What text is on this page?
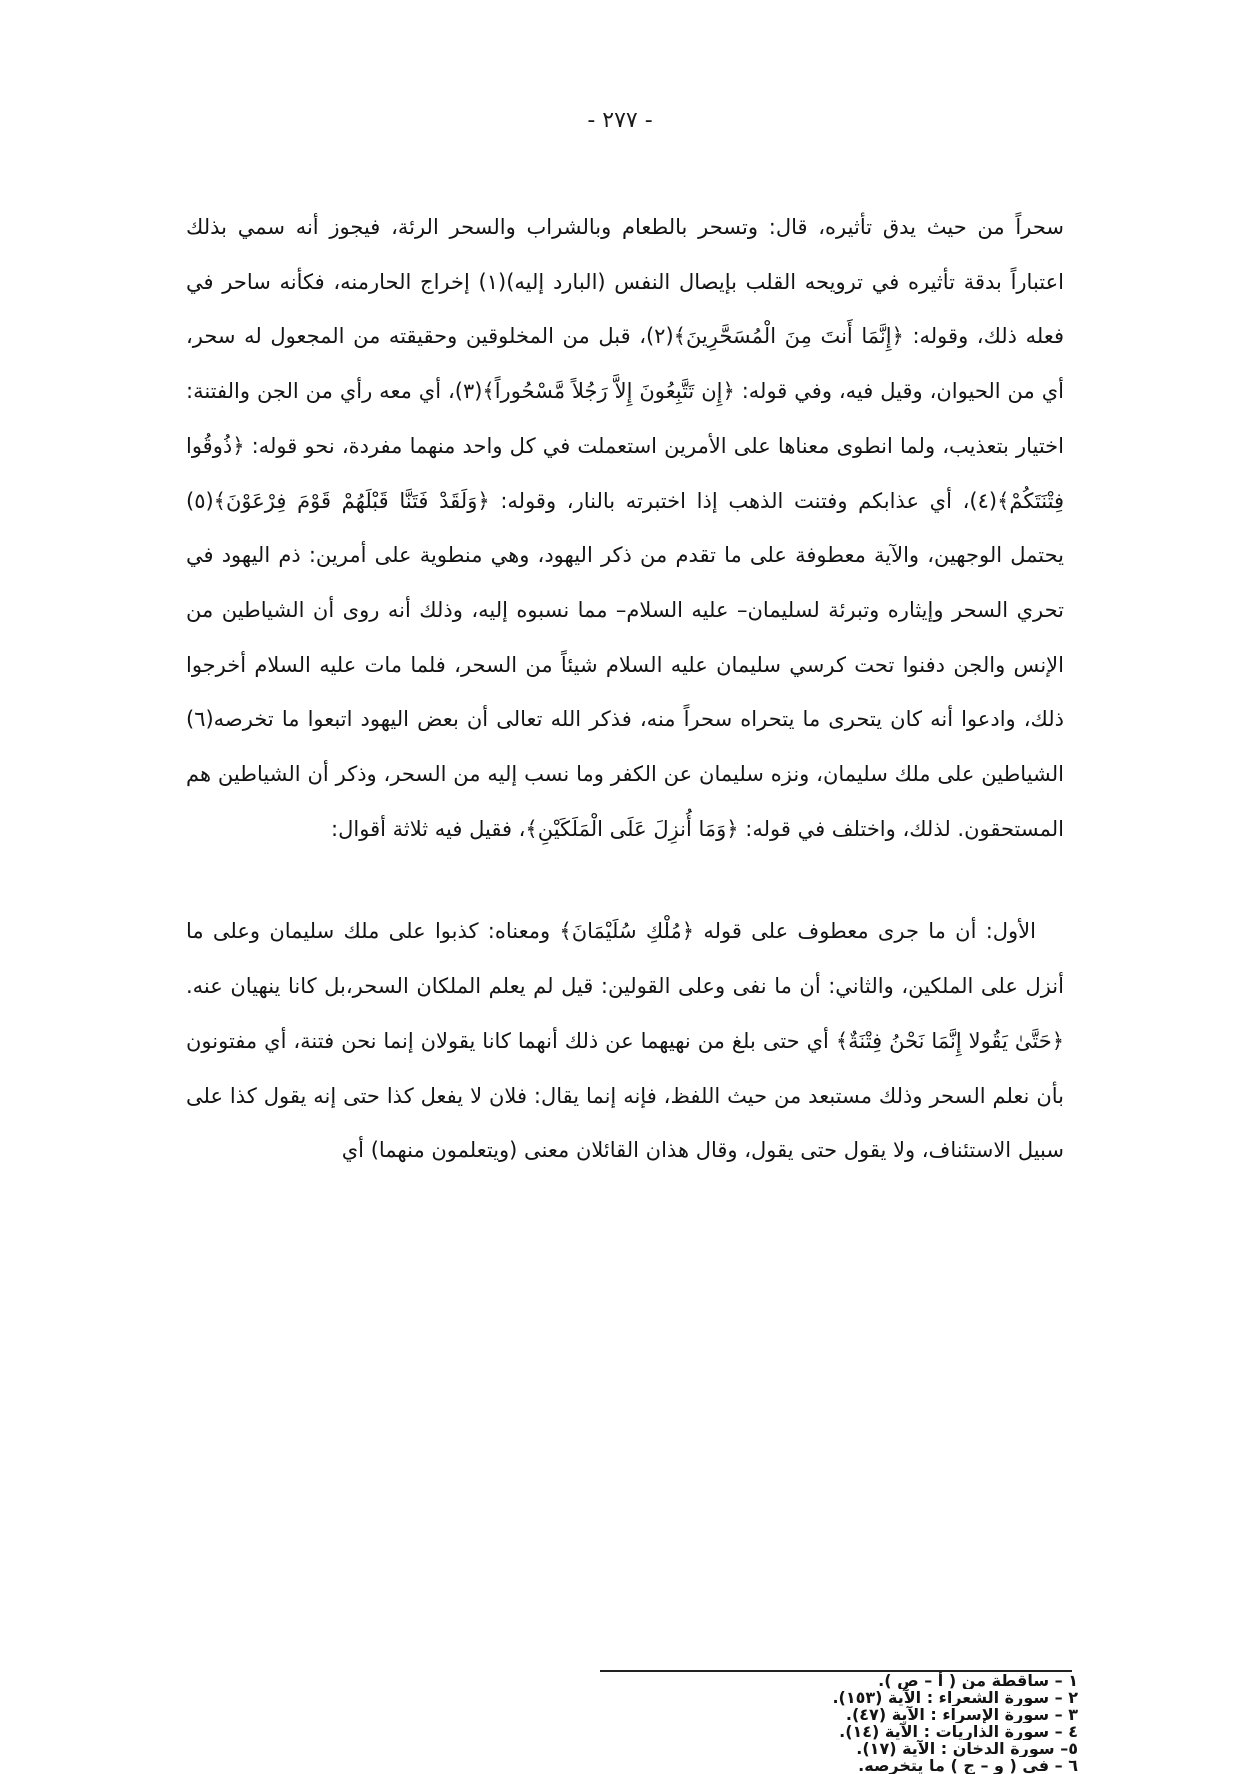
- ٢٧٧ -

سحراً من حيث يدق تأثيره، قال: وتسحر بالطعام وبالشراب والسحر الرئة، فيجوز أنه سمي بذلك اعتباراً بدقة تأثيره في ترويحه القلب بإيصال النفس (البارد إليه)(١) إخراج الحارمنه، فكأنه ساحر في فعله ذلك، وقوله: ﴿إِنَّمَا أَنتَ مِنَ الْمُسَحَّرِينَ﴾(٢)، قبل من المخلوقين وحقيقته من المجعول له سحر، أي من الحيوان، وقيل فيه، وفي قوله: ﴿إِن تَتَّبِعُونَ إِلاَّ رَجُلاً مَّسْحُوراً﴾(٣)، أي معه رأي من الجن والفتنة: اختيار بتعذيب، ولما انطوى معناها على الأمرين استعملت في كل واحد منهما مفردة، نحو قوله: ﴿ذُوقُوا فِتْنَتَكُمْ﴾(٤)، أي عذابكم وفتنت الذهب إذا اختبرته بالنار، وقوله: ﴿وَلَقَدْ فَتَنَّا قَبْلَهُمْ قَوْمَ فِرْعَوْنَ﴾(٥) يحتمل الوجهين، والآية معطوفة على ما تقدم من ذكر اليهود، وهي منطوية على أمرين: ذم اليهود في تحري السحر وإيثاره وتبرئة لسليمان– عليه السلام– مما نسبوه إليه، وذلك أنه روى أن الشياطين من الإنس والجن دفنوا تحت كرسي سليمان عليه السلام شيئاً من السحر، فلما مات عليه السلام أخرجوا ذلك، وادعوا أنه كان يتحرى ما يتحراه سحراً منه، فذكر الله تعالى أن بعض اليهود اتبعوا ما تخرصه(٦) الشياطين على ملك سليمان، ونزه سليمان عن الكفر وما نسب إليه من السحر، وذكر أن الشياطين هم المستحقون. لذلك، واختلف في قوله: ﴿وَمَا أُنزِلَ عَلَى الْمَلَكَيْنِ﴾، فقيل فيه ثلاثة أقوال:

الأول: أن ما جرى معطوف على قوله ﴿مُلْكِ سُلَيْمَانَ﴾ ومعناه: كذبوا على ملك سليمان وعلى ما أنزل على الملكين، والثاني: أن ما نفى وعلى القولين: قيل لم يعلم الملكان السحر،بل كانا ينهيان عنه. ﴿حَتَّىٰ يَقُولا إِنَّمَا نَحْنُ فِتْنَةٌ﴾ أي حتى بلغ من نهيهما عن ذلك أنهما كانا يقولان إنما نحن فتنة، أي مفتونون بأن نعلم السحر وذلك مستبعد من حيث اللفظ، فإنه إنما يقال: فلان لا يفعل كذا حتى إنه يقول كذا على سبيل الاستئناف، ولا يقول حتى يقول، وقال هذان القائلان معنى (ويتعلمون منهما) أي

١ – ساقطة من ( أ – ص ).
٢ – سورة الشعراء : الآية (١٥٣).
٣ – سورة الإسراء : الآية (٤٧).
٤ – سورة الذاريات : الآية (١٤).
٥– سورة الدخان : الآية (١٧).
٦ – في ( و – ج ) ما يتخرصه.
